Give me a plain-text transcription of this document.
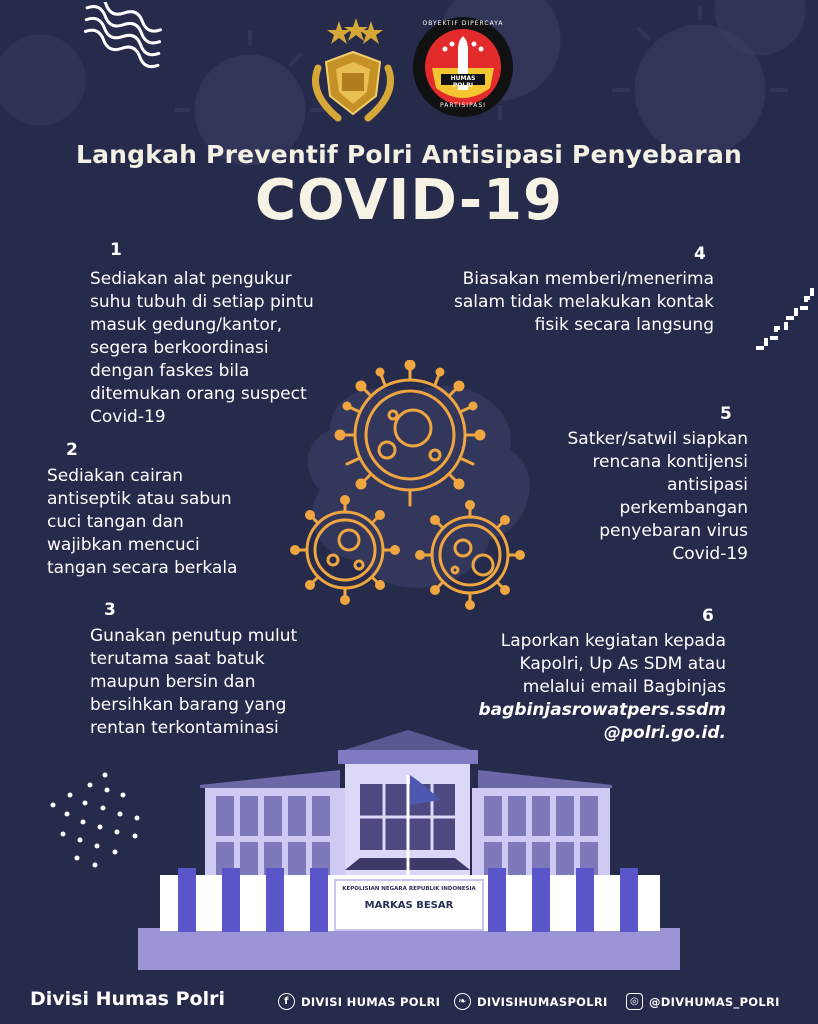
OBYEKTIF DIPERCAYA
HUMAS POLRI
PARTISIPASI
Langkah Preventif Polri Antisipasi Penyebaran
COVID-19
1
Sediakan alat pengukur
suhu tubuh di setiap pintu
masuk gedung/kantor,
segera berkoordinasi
dengan faskes bila
ditemukan orang suspect
Covid-19
2
Sediakan cairan
antiseptik atau sabun
cuci tangan dan
wajibkan mencuci
tangan secara berkala
3
Gunakan penutup mulut
terutama saat batuk
maupun bersin dan
bersihkan barang yang
rentan terkontaminasi
4
Biasakan memberi/menerima
salam tidak melakukan kontak
fisik secara langsung
5
Satker/satwil siapkan
rencana kontijensi
antisipasi
perkembangan
penyebaran virus
Covid-19
6
Laporkan kegiatan kepada
Kapolri, Up As SDM atau
melalui email Bagbinjas
bagbinjasrowatpers.ssdm
@polri.go.id.
KEPOLISIAN NEGARA REPUBLIK INDONESIA
MARKAS BESAR
Divisi Humas Polri	f	DIVISI HUMAS POLRI	❧ DIVISIHUMASPOLRI	◎ @DIVHUMAS_POLRI
